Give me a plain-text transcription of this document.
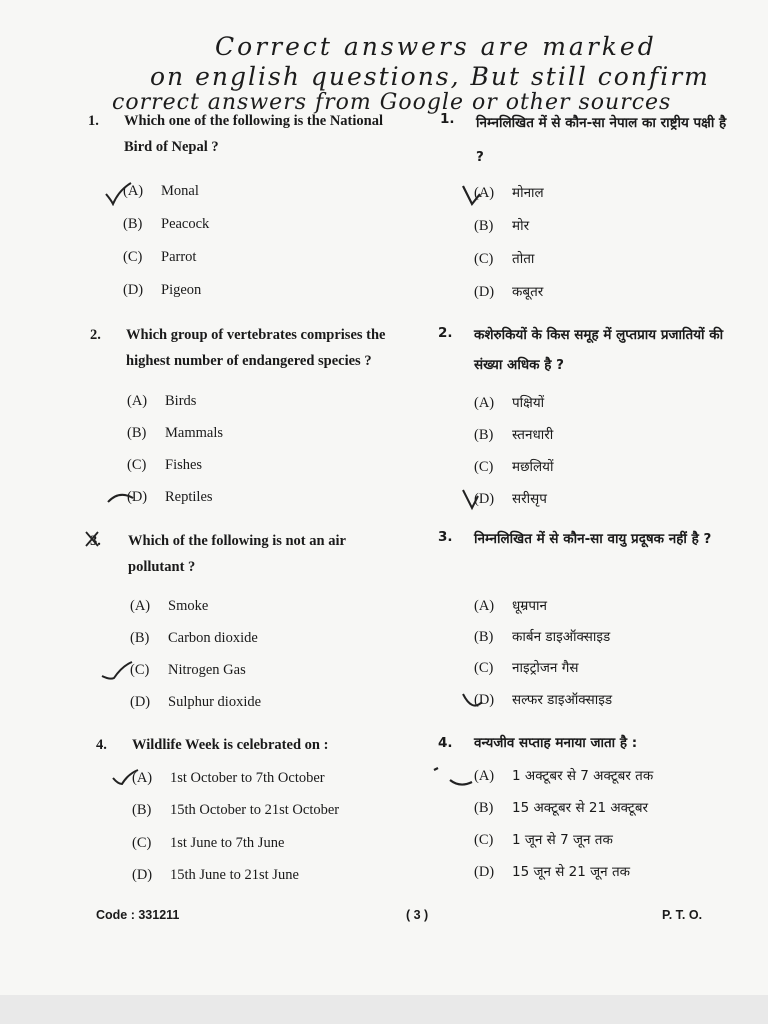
Correct answers are marked
on english questions, But still confirm
correct answers from Google or other sources
1. Which one of the following is the National Bird of Nepal ?
1. निम्नलिखित में से कौन-सा नेपाल का राष्ट्रीय पक्षी है ?
(A) Monal
(B) Peacock
(C) Parrot
(D) Pigeon
(A) मोनाल
(B) मोर
(C) तोता
(D) कबूतर
2. Which group of vertebrates comprises the highest number of endangered species ?
2. कशेरुकियों के किस समूह में लुप्तप्राय प्रजातियों की संख्या अधिक है ?
(A) Birds
(B) Mammals
(C) Fishes
(D) Reptiles
(A) पक्षियों
(B) स्तनधारी
(C) मछलियों
(D) सरीसृप
3. Which of the following is not an air pollutant ?
3. निम्नलिखित में से कौन-सा वायु प्रदूषक नहीं है ?
(A) Smoke
(B) Carbon dioxide
(C) Nitrogen Gas
(D) Sulphur dioxide
(A) धूम्रपान
(B) कार्बन डाइऑक्साइड
(C) नाइट्रोजन गैस
(D) सल्फर डाइऑक्साइड
4. Wildlife Week is celebrated on :	4. वन्यजीव सप्ताह मनाया जाता है :
(A) 1st October to 7th October
(B) 15th October to 21st October
(C) 1st June to 7th June
(D) 15th June to 21st June
(A) 1 अक्टूबर से 7 अक्टूबर तक
(B) 15 अक्टूबर से 21 अक्टूबर
(C) 1 जून से 7 जून तक
(D) 15 जून से 21 जून तक
Code : 331211	( 3 )	P. T. O.
